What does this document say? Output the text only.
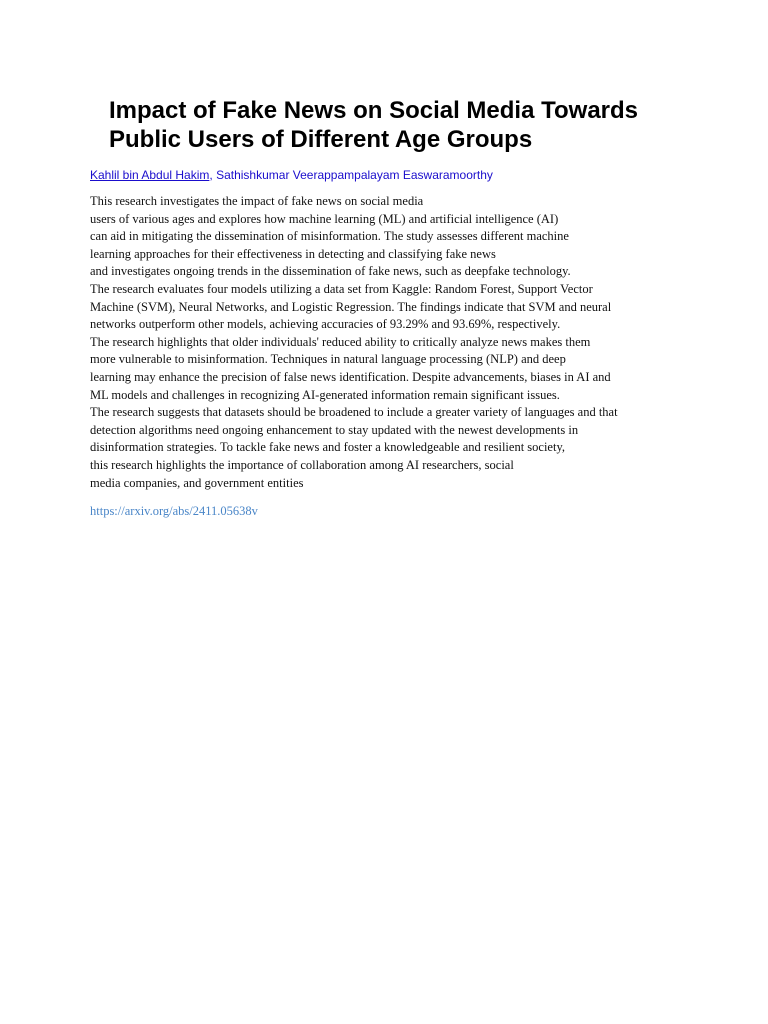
Impact of Fake News on Social Media Towards Public Users of Different Age Groups
Kahlil bin Abdul Hakim, Sathishkumar Veerappampalayam Easwaramoorthy
This research investigates the impact of fake news on social media
users of various ages and explores how machine learning (ML) and artificial intelligence (AI)
can aid in mitigating the dissemination of misinformation. The study assesses different machine
learning approaches for their effectiveness in detecting and classifying fake news
and investigates ongoing trends in the dissemination of fake news, such as deepfake technology.
The research evaluates four models utilizing a data set from Kaggle: Random Forest, Support Vector
Machine (SVM), Neural Networks, and Logistic Regression. The findings indicate that SVM and neural
networks outperform other models, achieving accuracies of 93.29% and 93.69%, respectively.
The research highlights that older individuals' reduced ability to critically analyze news makes them
more vulnerable to misinformation. Techniques in natural language processing (NLP) and deep
learning may enhance the precision of false news identification. Despite advancements, biases in AI and
ML models and challenges in recognizing AI-generated information remain significant issues.
The research suggests that datasets should be broadened to include a greater variety of languages and that
detection algorithms need ongoing enhancement to stay updated with the newest developments in
disinformation strategies. To tackle fake news and foster a knowledgeable and resilient society,
this research highlights the importance of collaboration among AI researchers, social
media companies, and government entities
https://arxiv.org/abs/2411.05638v
